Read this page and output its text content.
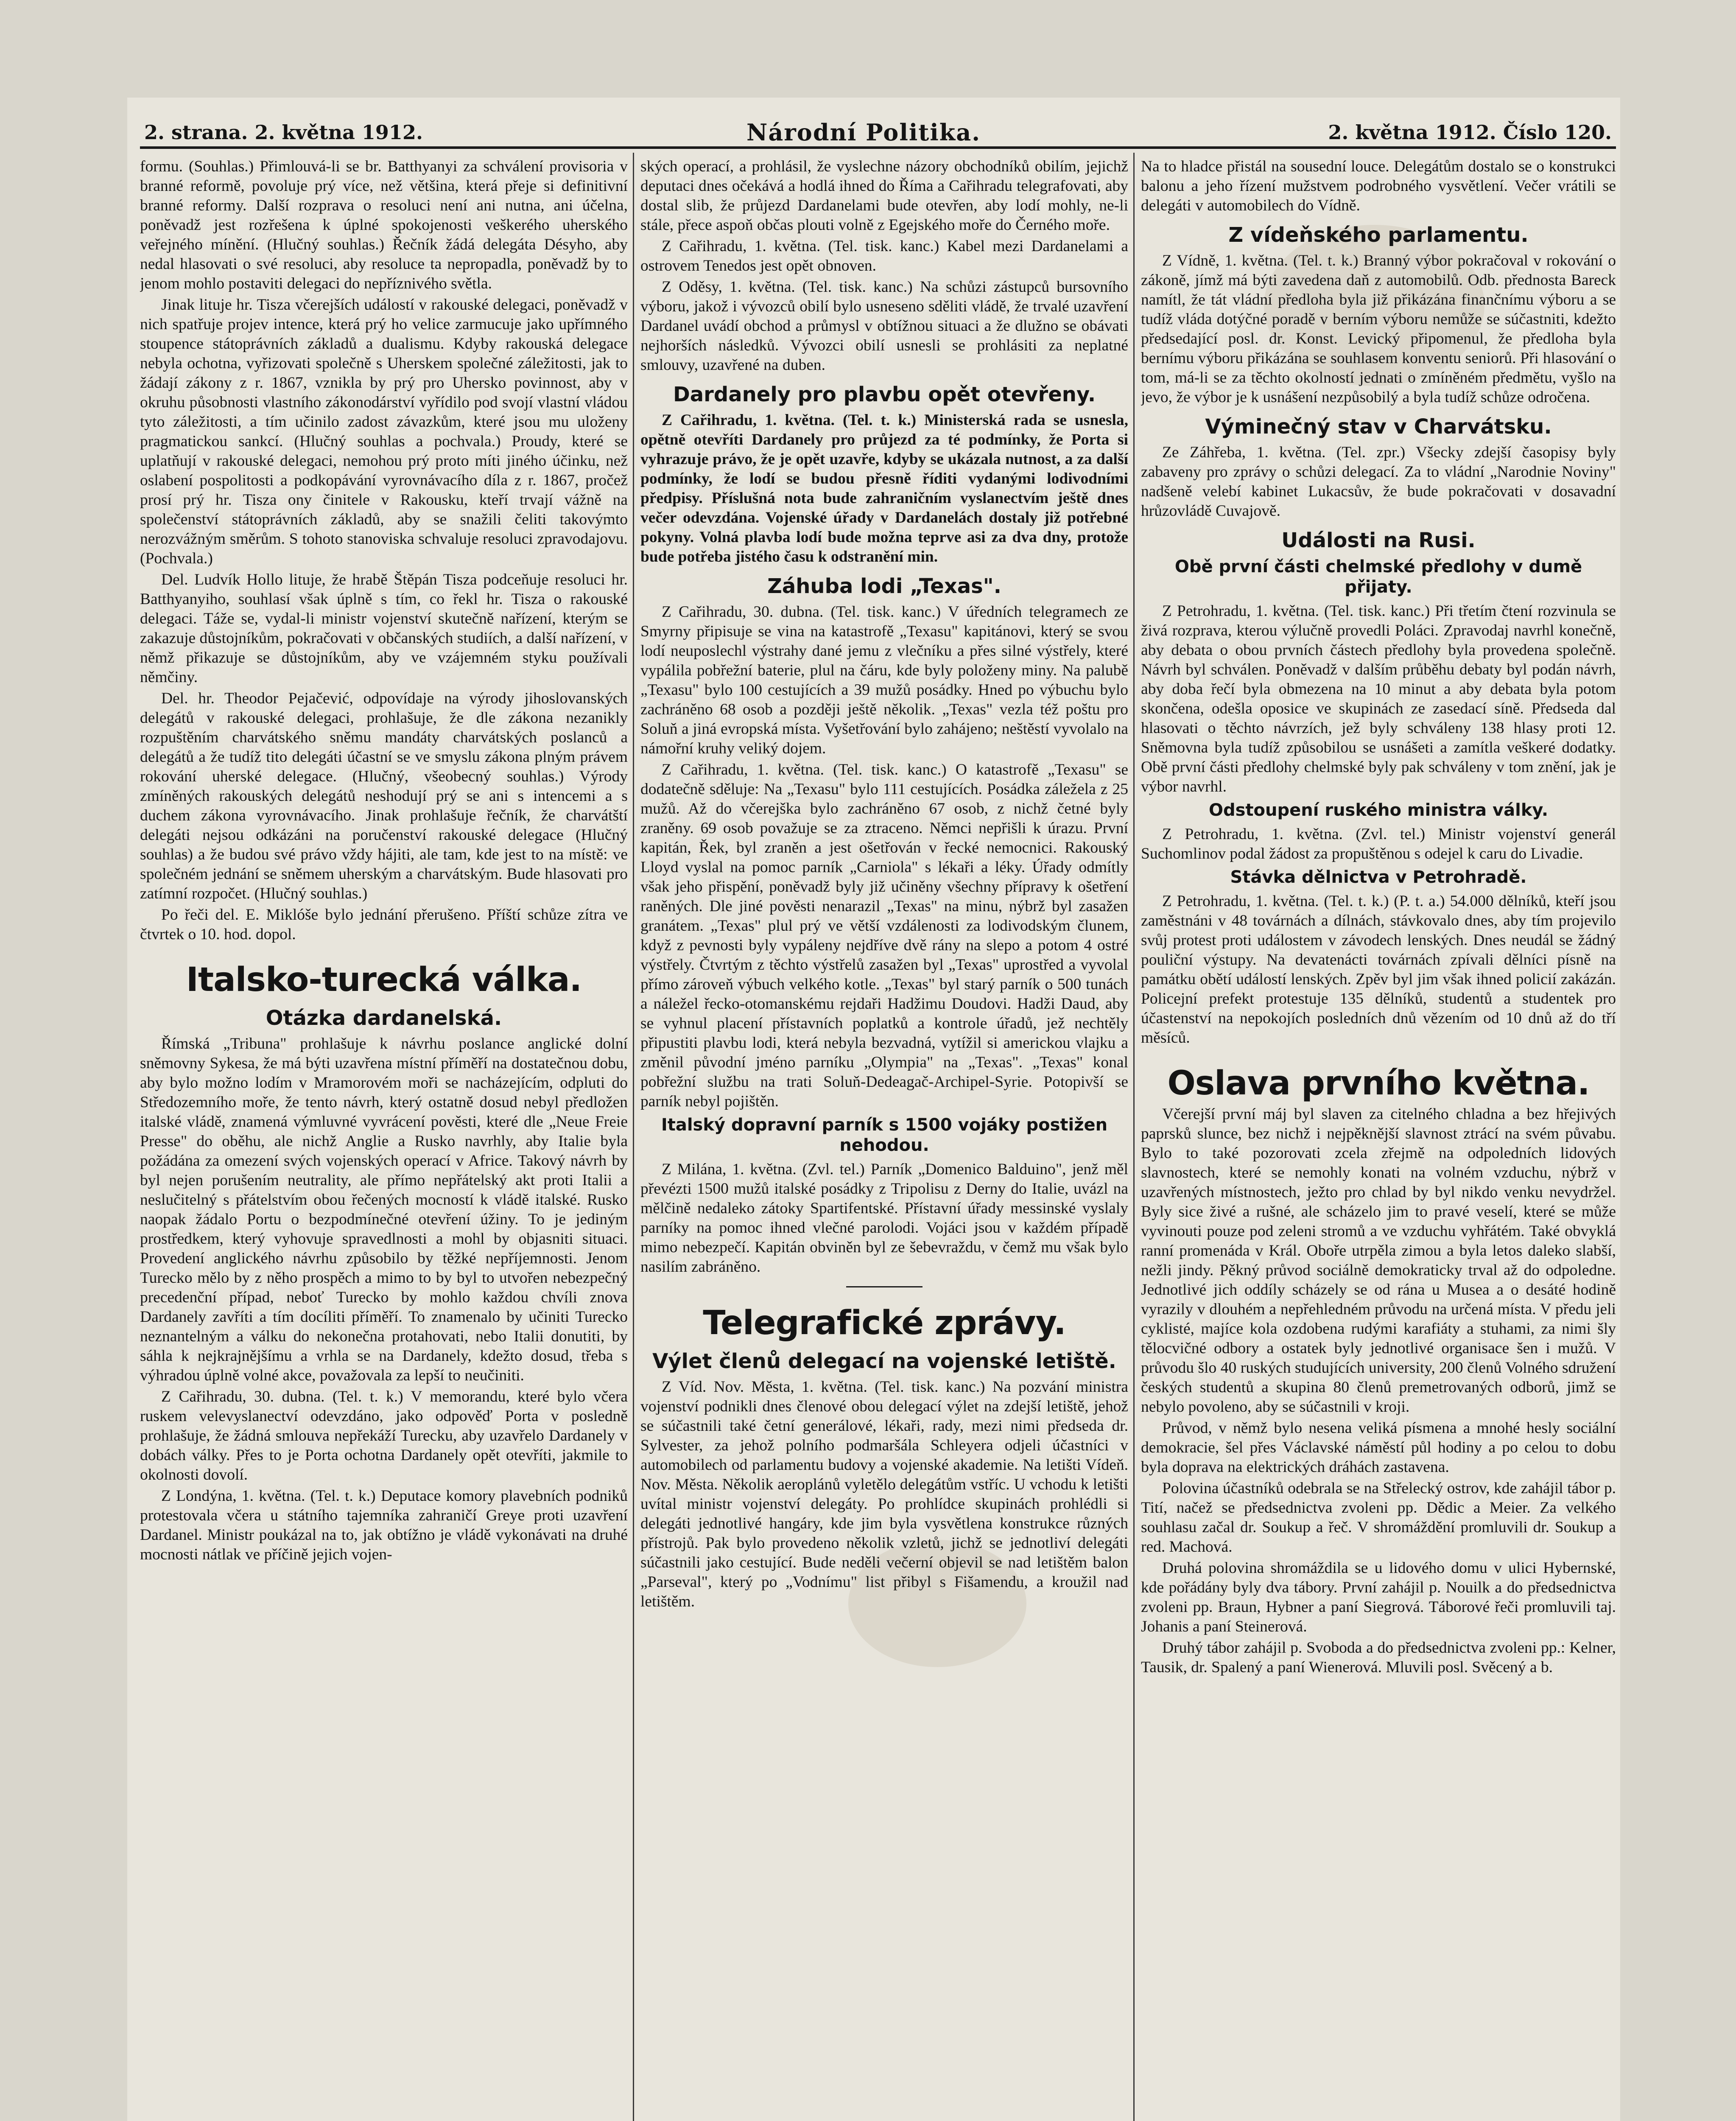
2. strana. 2. května 1912.	Národní Politika.	2. května 1912. Číslo 120.

formu. (Souhlas.) Přimlouvá-li se br. Batthyanyi za schválení provisoria v branné reformě, povoluje prý více, než většina, která přeje si definitivní branné reformy. Další rozprava o resoluci není ani nutna, ani účelna, poněvadž jest rozřešena k úplné spokojenosti veškerého uherského veřejného mínění. (Hlučný souhlas.) Řečník žádá delegáta Désyho, aby nedal hlasovati o své resoluci, aby resoluce ta nepropadla, poněvadž by to jenom mohlo postaviti delegaci do nepříznivého světla.

Jinak lituje hr. Tisza včerejších událostí v rakouské delegaci, poněvadž v nich spatřuje projev intence, která prý ho velice zarmucuje jako upřímného stoupence státoprávních základů a dualismu. Kdyby rakouská delegace nebyla ochotna, vyřizovati společně s Uherskem společné záležitosti, jak to žádají zákony z r. 1867, vznikla by prý pro Uhersko povinnost, aby v okruhu působnosti vlastního zákonodárství vyřídilo pod svojí vlastní vládou tyto záležitosti, a tím učinilo zadost závazkům, které jsou mu uloženy pragmatickou sankcí. (Hlučný souhlas a pochvala.) Proudy, které se uplatňují v rakouské delegaci, nemohou prý proto míti jiného účinku, než oslabení pospolitosti a podkopávání vyrovnávacího díla z r. 1867, pročež prosí prý hr. Tisza ony činitele v Rakousku, kteří trvají vážně na společenství státoprávních základů, aby se snažili čeliti takovýmto nerozvážným směrům. S tohoto stanoviska schvaluje resoluci zpravodajovu. (Pochvala.)

Del. Ludvík Hollo lituje, že hrabě Štěpán Tisza podceňuje resoluci hr. Batthyanyiho, souhlasí však úplně s tím, co řekl hr. Tisza o rakouské delegaci. Táže se, vydal-li ministr vojenství skutečně nařízení, kterým se zakazuje důstojníkům, pokračovati v občanských studiích, a další nařízení, v němž přikazuje se důstojníkům, aby ve vzájemném styku používali němčiny.

Del. hr. Theodor Pejačević, odpovídaje na výrody jihoslovanských delegátů v rakouské delegaci, prohlašuje, že dle zákona nezanikly rozpuštěním charvátského sněmu mandáty charvátských poslanců a delegátů a že tudíž tito delegáti účastní se ve smyslu zákona plným právem rokování uherské delegace. (Hlučný, všeobecný souhlas.) Výrody zmíněných rakouských delegátů neshodují prý se ani s intencemi a s duchem zákona vyrovnávacího. Jinak prohlašuje řečník, že charvátští delegáti nejsou odkázáni na poručenství rakouské delegace (Hlučný souhlas) a že budou své právo vždy hájiti, ale tam, kde jest to na místě: ve společném jednání se sněmem uherským a charvátským. Bude hlasovati pro zatímní rozpočet. (Hlučný souhlas.)

Po řeči del. E. Miklóše bylo jednání přerušeno. Příští schůze zítra ve čtvrtek o 10. hod. dopol.

Italsko-turecká válka.
Otázka dardanelská.

Římská „Tribuna" prohlašuje k návrhu poslance anglické dolní sněmovny Sykesa, že má býti uzavřena místní příměří na dostatečnou dobu, aby bylo možno lodím v Mramorovém moři se nacházejícím, odpluti do Středozemního moře, že tento návrh, který ostatně dosud nebyl předložen italské vládě, znamená výmluvné vyvrácení pověsti, které dle „Neue Freie Presse" do oběhu, ale nichž Anglie a Rusko navrhly, aby Italie byla požádána za omezení svých vojenských operací v Africe. Takový návrh by byl nejen porušením neutrality, ale přímo nepřátelský akt proti Italii a neslučitelný s přátelstvím obou řečených mocností k vládě italské. Rusko naopak žádalo Portu o bezpodmínečné otevření úžiny. To je jediným prostředkem, který vyhovuje spravedlnosti a mohl by objasniti situaci. Provedení anglického návrhu způsobilo by těžké nepříjemnosti. Jenom Turecko mělo by z něho prospěch a mimo to by byl to utvořen nebezpečný precedenční případ, neboť Turecko by mohlo každou chvíli znova Dardanely zavříti a tím docíliti příměří. To znamenalo by učiniti Turecko neznantelným a válku do nekonečna protahovati, nebo Italii donutiti, by sáhla k nejkrajnějšímu a vrhla se na Dardanely, kdežto dosud, třeba s výhradou úplně volné akce, považovala za lepší to neučiniti.

Z Cařihradu, 30. dubna. (Tel. t. k.) V memorandu, které bylo včera ruskem velevyslanectví odevzdáno, jako odpověď Porta v posledně prohlašuje, že žádná smlouva nepřekáží Turecku, aby uzavřelo Dardanely v dobách války. Přes to je Porta ochotna Dardanely opět otevříti, jakmile to okolnosti dovolí.

Z Londýna, 1. května. (Tel. t. k.) Deputace komory plavebních podniků protestovala včera u státního tajemníka zahraničí Greye proti uzavření Dardanel. Ministr poukázal na to, jak obtížno je vládě vykonávati na druhé mocnosti nátlak ve příčině jejich vojen-

ských operací, a prohlásil, že vyslechne názory obchodníků obilím, jejichž deputaci dnes očekává a hodlá ihned do Říma a Cařihradu telegrafovati, aby dostal slib, že průjezd Dardanelami bude otevřen, aby lodí mohly, ne-li stále, přece aspoň občas plouti volně z Egejského moře do Černého moře.

Z Cařihradu, 1. května. (Tel. tisk. kanc.) Kabel mezi Dardanelami a ostrovem Tenedos jest opět obnoven.

Z Oděsy, 1. května. (Tel. tisk. kanc.) Na schůzi zástupců bursovního výboru, jakož i vývozců obilí bylo usneseno sděliti vládě, že trvalé uzavření Dardanel uvádí obchod a průmysl v obtížnou situaci a že dlužno se obávati nejhorších následků. Vývozci obilí usnesli se prohlásiti za neplatné smlouvy, uzavřené na duben.

Dardanely pro plavbu opět otevřeny.

Z Cařihradu, 1. května. (Tel. t. k.) Ministerská rada se usnesla, opětně otevříti Dardanely pro průjezd za té podmínky, že Porta si vyhrazuje právo, že je opět uzavře, kdyby se ukázala nutnost, a za další podmínky, že lodí se budou přesně říditi vydanými lodivodními předpisy. Příslušná nota bude zahraničním vyslanectvím ještě dnes večer odevzdána. Vojenské úřady v Dardanelách dostaly již potřebné pokyny. Volná plavba lodí bude možna teprve asi za dva dny, protože bude potřeba jistého času k odstranění min.

Záhuba lodi „Texas".

Z Cařihradu, 30. dubna. (Tel. tisk. kanc.) V úředních telegramech ze Smyrny připisuje se vina na katastrofě „Texasu" kapitánovi, který se svou lodí neuposlechl výstrahy dané jemu z vlečníku a přes silné výstřely, které vypálila pobřežní baterie, plul na čáru, kde byly položeny miny. Na palubě „Texasu" bylo 100 cestujících a 39 mužů posádky. Hned po výbuchu bylo zachráněno 68 osob a později ještě několik. „Texas" vezla též poštu pro Soluň a jiná evropská místa. Vyšetřování bylo zahájeno; neštěstí vyvolalo na námořní kruhy veliký dojem.

Z Cařihradu, 1. května. (Tel. tisk. kanc.) O katastrofě „Texasu" se dodatečně sděluje: Na „Texasu" bylo 111 cestujících. Posádka záležela z 25 mužů. Až do včerejška bylo zachráněno 67 osob, z nichž četné byly zraněny. 69 osob považuje se za ztraceno. Němci nepřišli k úrazu. První kapitán, Řek, byl zraněn a jest ošetřován v řecké nemocnici. Rakouský Lloyd vyslal na pomoc parník „Carniola" s lékaři a léky. Úřady odmítly však jeho přispění, poněvadž byly již učiněny všechny přípravy k ošetření raněných. Dle jiné pověsti nenarazil „Texas" na minu, nýbrž byl zasažen granátem. „Texas" plul prý ve větší vzdálenosti za lodivodským člunem, když z pevnosti byly vypáleny nejdříve dvě rány na slepo a potom 4 ostré výstřely. Čtvrtým z těchto výstřelů zasažen byl „Texas" uprostřed a vyvolal přímo zároveň výbuch velkého kotle. „Texas" byl starý parník o 500 tunách a náležel řecko-otomanskému rejdaři Hadžimu Doudovi. Hadži Daud, aby se vyhnul placení přístavních poplatků a kontrole úřadů, jež nechtěly připustiti plavbu lodi, která nebyla bezvadná, vytížil si americkou vlajku a změnil původní jméno parníku „Olympia" na „Texas". „Texas" konal pobřežní službu na trati Soluň-Dedeagač-Archipel-Syrie. Potopivší se parník nebyl pojištěn.

Italský dopravní parník s 1500 vojáky postižen nehodou.

Z Milána, 1. května. (Zvl. tel.) Parník „Domenico Balduino", jenž měl převézti 1500 mužů italské posádky z Tripolisu z Derny do Italie, uvázl na mělčině nedaleko zátoky Spartifentské. Přístavní úřady messinské vyslaly parníky na pomoc ihned vlečné parolodi. Vojáci jsou v každém případě mimo nebezpečí. Kapitán obviněn byl ze šebevraždu, v čemž mu však bylo nasilím zabráněno.

Telegrafické zprávy.
Výlet členů delegací na vojenské letiště.

Z Víd. Nov. Města, 1. května. (Tel. tisk. kanc.) Na pozvání ministra vojenství podnikli dnes členové obou delegací výlet na zdejší letiště, jehož se súčastnili také četní generálové, lékaři, rady, mezi nimi předseda dr. Sylvester, za jehož polního podmaršála Schleyera odjeli účastníci v automobilech od parlamentu budovy a vojenské akademie. Na letišti Vídeň. Nov. Města. Několik aeroplánů vyletělo delegátům vstříc. U vchodu k letišti uvítal ministr vojenství delegáty. Po prohlídce skupinách prohlédli si delegáti jednotlivé hangáry, kde jim byla vysvětlena konstrukce různých přístrojů. Pak bylo provedeno několik vzletů, jichž se jednotliví delegáti súčastnili jako cestující. Bude neděli večerní objevil se nad letištěm balon „Parseval", který po „Vodnímu" list přibyl s Fišamendu, a kroužil nad letištěm.

Na to hladce přistál na sousední louce. Delegátům dostalo se o konstrukci balonu a jeho řízení mužstvem podrobného vysvětlení. Večer vrátili se delegáti v automobilech do Vídně.

Z vídeňského parlamentu.

Z Vídně, 1. května. (Tel. t. k.) Branný výbor pokračoval v rokování o zákoně, jímž má býti zavedena daň z automobilů. Odb. přednosta Bareck namítl, že tát vládní předloha byla již přikázána finančnímu výboru a se tudíž vláda dotýčné poradě v berním výboru nemůže se súčastniti, kdežto předsedající posl. dr. Konst. Levický připomenul, že předloha byla bernímu výboru přikázána se souhlasem konventu seniorů. Při hlasování o tom, má-li se za těchto okolností jednati o zmíněném předmětu, vyšlo na jevo, že výbor je k usnášení nezpůsobilý a byla tudíž schůze odročena.

Výminečný stav v Charvátsku.

Ze Záhřeba, 1. května. (Tel. zpr.) Všecky zdejší časopisy byly zabaveny pro zprávy o schůzi delegací. Za to vládní „Narodnie Noviny" nadšeně velebí kabinet Lukacsův, že bude pokračovati v dosavadní hrůzovládě Cuvajově.

Události na Rusi.
Obě první části chelmské předlohy v dumě přijaty.

Z Petrohradu, 1. května. (Tel. tisk. kanc.) Při třetím čtení rozvinula se živá rozprava, kterou výlučně provedli Poláci. Zpravodaj navrhl konečně, aby debata o obou prvních částech předlohy byla provedena společně. Návrh byl schválen. Poněvadž v dalším průběhu debaty byl podán návrh, aby doba řečí byla obmezena na 10 minut a aby debata byla potom skončena, odešla oposice ve skupinách ze zasedací síně. Předseda dal hlasovati o těchto návrzích, jež byly schváleny 138 hlasy proti 12. Sněmovna byla tudíž způsobilou se usnášeti a zamítla veškeré dodatky. Obě první části předlohy chelmské byly pak schváleny v tom znění, jak je výbor navrhl.

Odstoupení ruského ministra války.

Z Petrohradu, 1. května. (Zvl. tel.) Ministr vojenství generál Suchomlinov podal žádost za propuštěnou s odejel k caru do Livadie.

Stávka dělnictva v Petrohradě.

Z Petrohradu, 1. května. (Tel. t. k.) (P. t. a.) 54.000 dělníků, kteří jsou zaměstnáni v 48 továrnách a dílnách, stávkovalo dnes, aby tím projevilo svůj protest proti událostem v závodech lenských. Dnes neudál se žádný pouliční výstupy. Na devatenácti továrnách zpívali dělníci písně na památku obětí událostí lenských. Zpěv byl jim však ihned policií zakázán. Policejní prefekt protestuje 135 dělníků, studentů a studentek pro účastenství na nepokojích posledních dnů vězením od 10 dnů až do tří měsíců.

Oslava prvního května.

Včerejší první máj byl slaven za citelného chladna a bez hřejivých paprsků slunce, bez nichž i nejpěknější slavnost ztrácí na svém půvabu. Bylo to také pozorovati zcela zřejmě na odpoledních lidových slavnostech, které se nemohly konati na volném vzduchu, nýbrž v uzavřených místnostech, ježto pro chlad by byl nikdo venku nevydržel. Byly sice živé a rušné, ale scházelo jim to pravé veselí, které se může vyvinouti pouze pod zeleni stromů a ve vzduchu vyhřátém. Také obvyklá ranní promenáda v Král. Oboře utrpěla zimou a byla letos daleko slabší, nežli jindy. Pěkný průvod sociálně demokraticky trval až do odpoledne. Jednotlivé jich oddíly scházely se od rána u Musea a o desáté hodině vyrazily v dlouhém a nepřehledném průvodu na určená místa. V předu jeli cyklisté, majíce kola ozdobena rudými karafiáty a stuhami, za nimi šly tělocvičné odbory a ostatek byly jednotlivé organisace šen i mužů. V průvodu šlo 40 ruských studujících university, 200 členů Volného sdružení českých studentů a skupina 80 členů premetrovaných odborů, jimž se nebylo povoleno, aby se súčastnili v kroji.

Průvod, v němž bylo nesena veliká písmena a mnohé hesly sociální demokracie, šel přes Václavské náměstí půl hodiny a po celou to dobu byla doprava na elektrických dráhách zastavena.

Polovina účastníků odebrala se na Střelecký ostrov, kde zahájil tábor p. Tití, načež se předsednictva zvoleni pp. Dědic a Meier. Za velkého souhlasu začal dr. Soukup a řeč. V shromáždění promluvili dr. Soukup a red. Machová.

Druhá polovina shromáždila se u lidového domu v ulici Hybernské, kde pořádány byly dva tábory. První zahájil p. Nouilk a do předsednictva zvoleni pp. Braun, Hybner a paní Siegrová. Táborové řeči promluvili taj. Johanis a paní Steinerová.

Druhý tábor zahájil p. Svoboda a do předsednictva zvoleni pp.: Kelner, Tausik, dr. Spalený a paní Wienerová. Mluvili posl. Svěcený a b.
